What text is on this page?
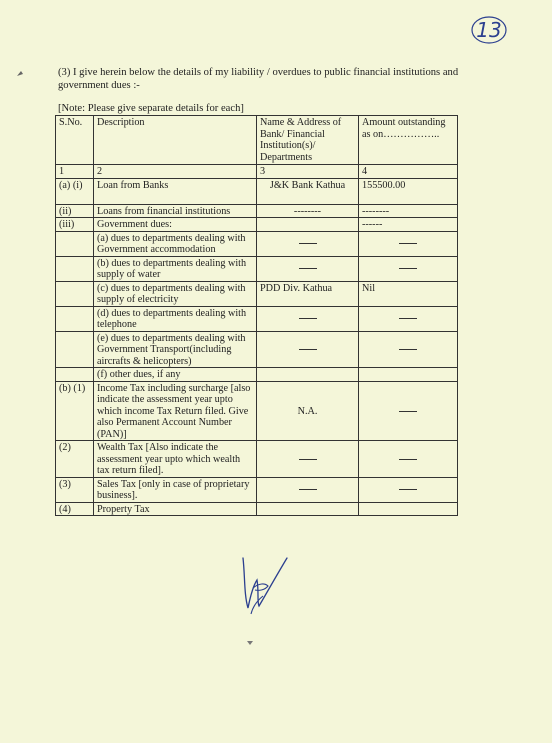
13
(3) I give herein below the details of my liability / overdues to public financial institutions and government dues :-
[Note: Please give separate details for each]
S.No.	Description	Name & Address of Bank/ Financial Institution(s)/ Departments	Amount outstanding as on……………..
1	2	3	4
(a) (i)	Loan from Banks	J&K Bank Kathua	155500.00
(ii)	Loans from financial institutions	--------	--------
(iii)	Government dues:		------
	(a) dues to departments dealing with Government accommodation		
	(b) dues to departments dealing with supply of water		
	(c) dues to departments dealing with supply of electricity	PDD Div. Kathua	Nil
	(d) dues to departments dealing with telephone		
	(e) dues to departments dealing with Government Transport(including aircrafts & helicopters)		
	(f) other dues, if any		
(b) (1)	Income Tax including surcharge [also indicate the assessment year upto which income Tax Return filed. Give also Permanent Account Number (PAN)]	N.A.	
(2)	Wealth Tax [Also indicate the assessment year upto which wealth tax return filed].		
(3)	Sales Tax [only in case of proprietary business].		
(4)	Property Tax		
